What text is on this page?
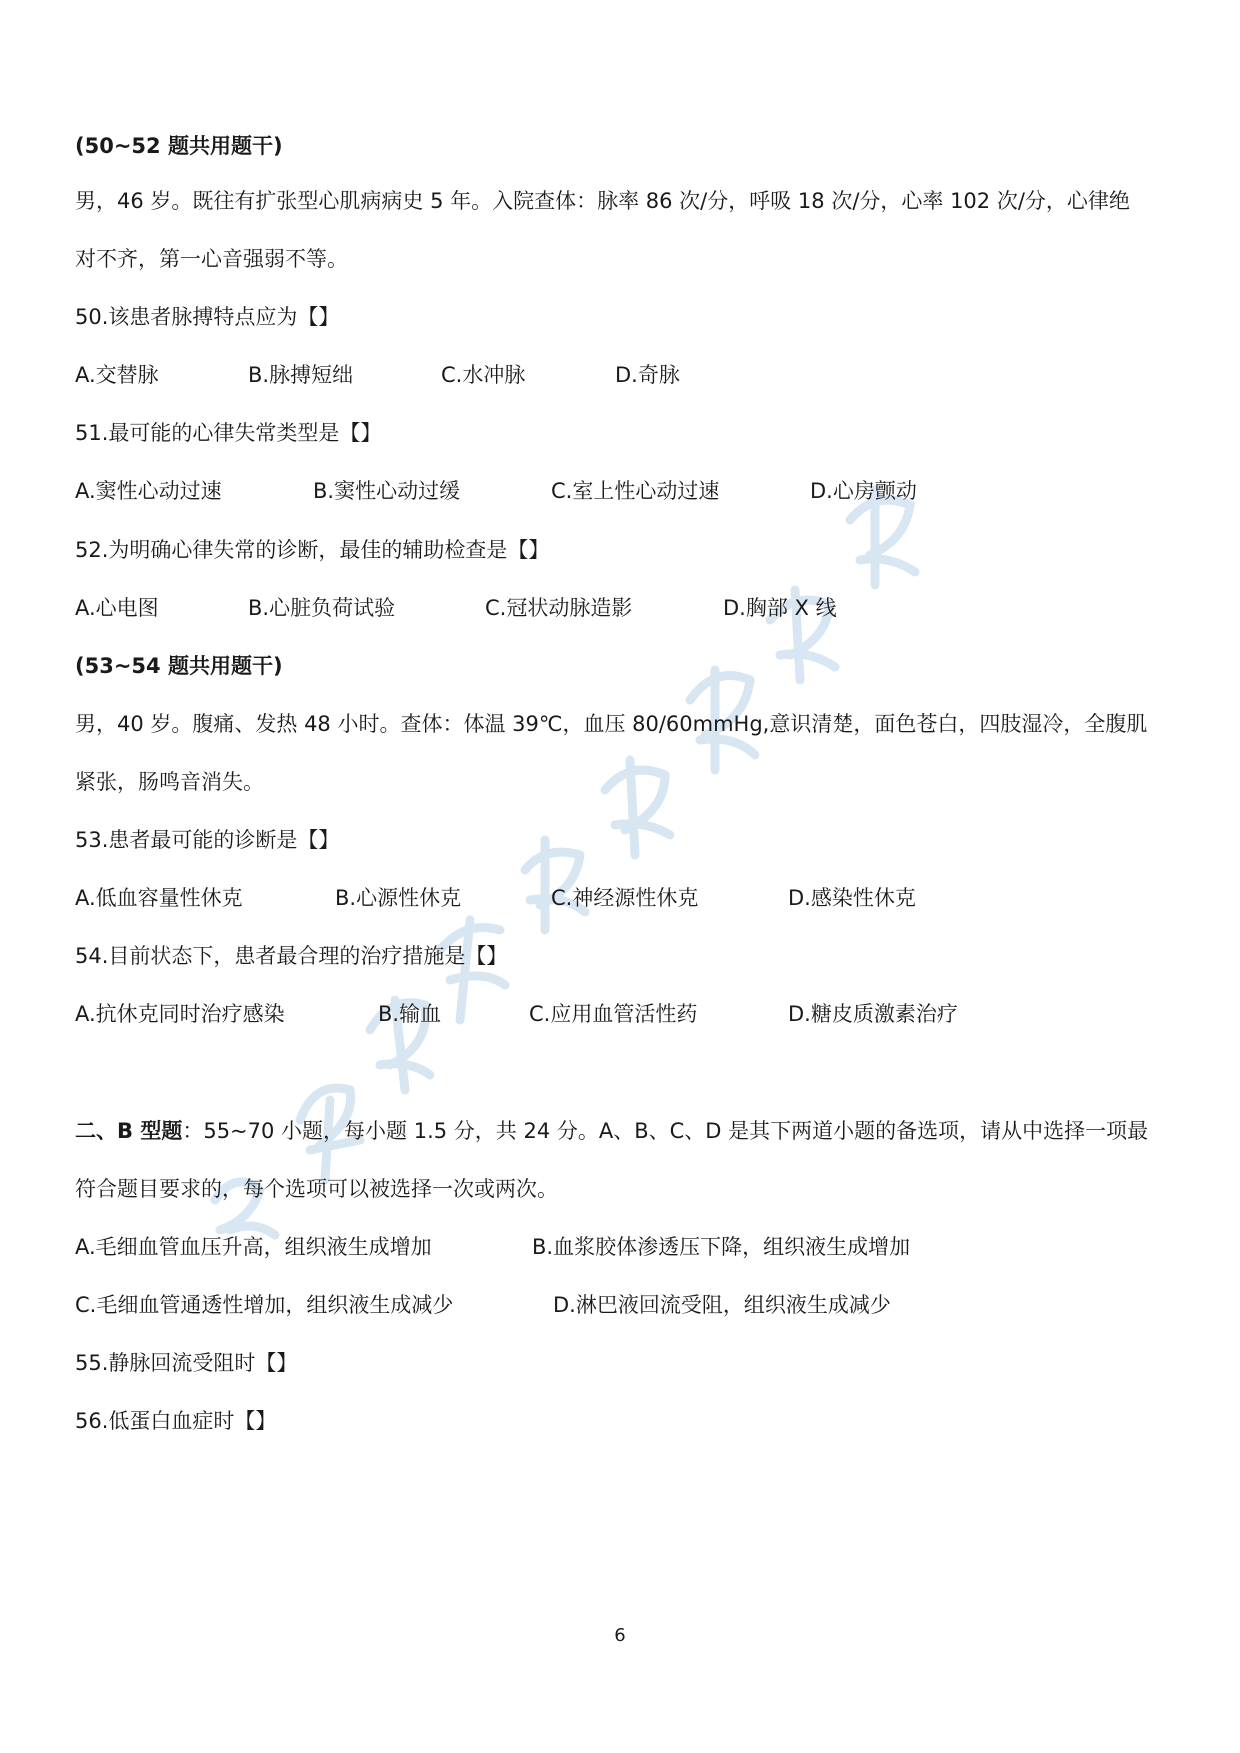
(50~52 题共用题干)
男，46 岁。既往有扩张型心肌病病史 5 年。入院查体：脉率 86 次/分，呼吸 18 次/分，心率 102 次/分，心律绝
对不齐，第一心音强弱不等。
50.该患者脉搏特点应为【】
A.交替脉	B.脉搏短绌	C.水冲脉	D.奇脉
51.最可能的心律失常类型是【】
A.窦性心动过速	B.窦性心动过缓	C.室上性心动过速	D.心房颤动
52.为明确心律失常的诊断，最佳的辅助检查是【】
A.心电图	B.心脏负荷试验	C.冠状动脉造影	D.胸部 X 线
(53~54 题共用题干)
男，40 岁。腹痛、发热 48 小时。查体：体温 39℃，血压 80/60mmHg,意识清楚，面色苍白，四肢湿冷，全腹肌
紧张，肠鸣音消失。
53.患者最可能的诊断是【】
A.低血容量性休克	B.心源性休克	C.神经源性休克	D.感染性休克
54.目前状态下，患者最合理的治疗措施是【】
A.抗休克同时治疗感染	B.输血	C.应用血管活性药	D.糖皮质激素治疗
二、B 型题：55~70 小题，每小题 1.5 分，共 24 分。A、B、C、D 是其下两道小题的备选项，请从中选择一项最
符合题目要求的，每个选项可以被选择一次或两次。
A.毛细血管血压升高，组织液生成增加	B.血浆胶体渗透压下降，组织液生成增加
C.毛细血管通透性增加，组织液生成减少	D.淋巴液回流受阻，组织液生成减少
55.静脉回流受阻时【】
56.低蛋白血症时【】
6
